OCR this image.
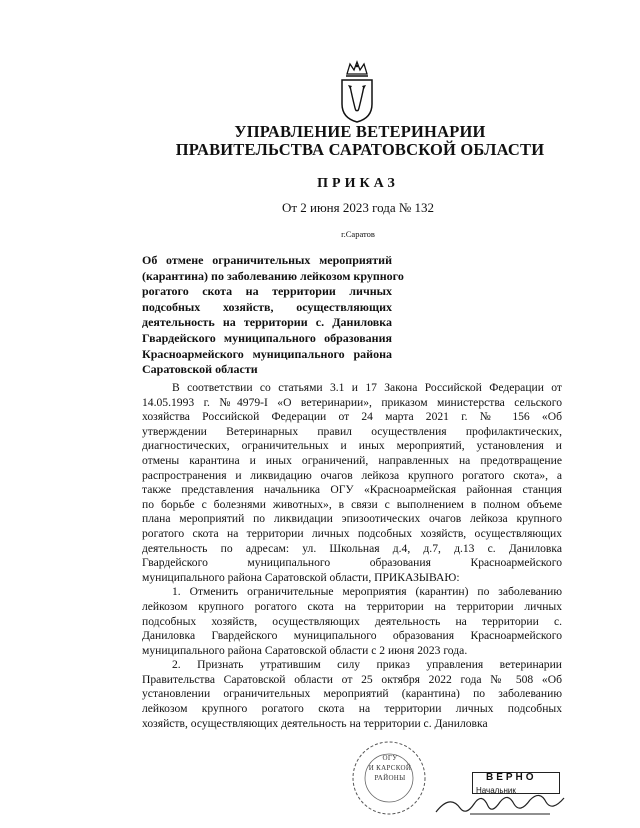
УПРАВЛЕНИЕ ВЕТЕРИНАРИИ
ПРАВИТЕЛЬСТВА САРАТОВСКОЙ ОБЛАСТИ
ПРИКАЗ
От 2 июня 2023 года № 132
г.Саратов
Об отмене ограничительных мероприятий
(карантина) по заболеванию лейкозом крупного
рогатого скота на территории личных
подсобных хозяйств, осуществляющих
деятельность на территории с. Даниловка
Гвардейского муниципального образования
Красноармейского муниципального района
Саратовской области
В соответствии со статьями 3.1 и 17 Закона Российской Федерации от
14.05.1993 г. №4979-I «О ветеринарии», приказом министерства сельского
хозяйства Российской Федерации от 24 марта 2021 г. № 156 «Об
утверждении Ветеринарных правил осуществления профилактических,
диагностических, ограничительных и иных мероприятий, установления и
отмены карантина и иных ограничений, направленных на предотвращение
распространения и ликвидацию очагов лейкоза крупного рогатого скота», а
также представления начальника ОГУ «Красноармейская районная станция
по борьбе с болезнями животных», в связи с выполнением в полном объеме
плана мероприятий по ликвидации эпизоотических очагов лейкоза крупного
рогатого скота на территории личных подсобных хозяйств, осуществляющих
деятельность по адресам: ул. Школьная д.4, д.7, д.13 с. Даниловка
Гвардейского муниципального образования Красноармейского
муниципального района Саратовской области, ПРИКАЗЫВАЮ:
1. Отменить ограничительные мероприятия (карантин) по заболеванию
лейкозом крупного рогатого скота на территории на территории личных
подсобных хозяйств, осуществляющих деятельность на территории с.
Даниловка Гвардейского муниципального образования Красноармейского
муниципального района Саратовской области с 2 июня 2023 года.
2. Признать утратившим силу приказ управления ветеринарии
Правительства Саратовской области от 25 октября 2022 года № 508 «Об
установлении ограничительных мероприятий (карантина) по заболеванию
лейкозом крупного рогатого скота на территории личных подсобных
хозяйств, осуществляющих деятельность на территории с. Даниловка
ОГУ
И КАРСКОЙ
РАЙОНЫ	ВЕРНО
Начальник
